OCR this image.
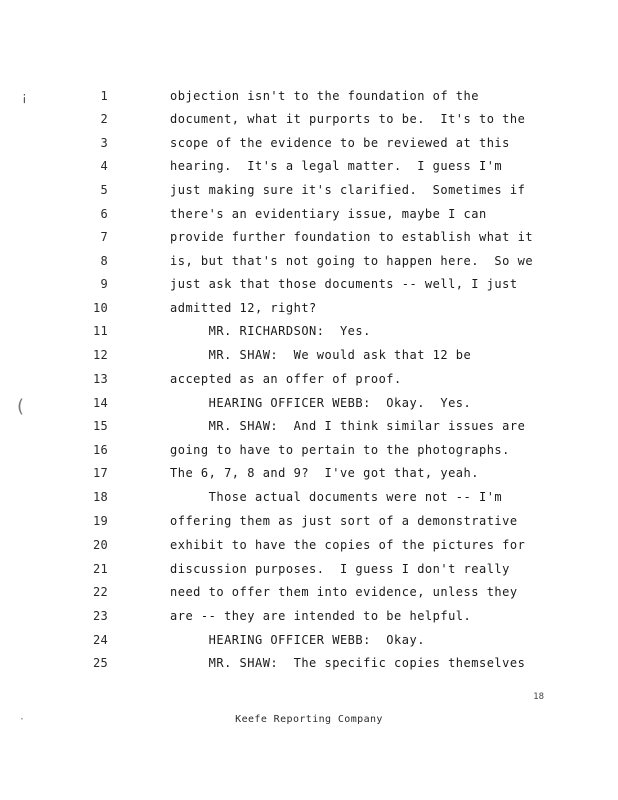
¡
(
·
1	objection isn't to the foundation of the
2	document, what it purports to be.  It's to the
3	scope of the evidence to be reviewed at this
4	hearing.  It's a legal matter.  I guess I'm
5	just making sure it's clarified.  Sometimes if
6	there's an evidentiary issue, maybe I can
7	provide further foundation to establish what it
8	is, but that's not going to happen here.  So we
9	just ask that those documents -- well, I just
10	admitted 12, right?
11	MR. RICHARDSON:  Yes.
12	MR. SHAW:  We would ask that 12 be
13	accepted as an offer of proof.
14	HEARING OFFICER WEBB:  Okay.  Yes.
15	MR. SHAW:  And I think similar issues are
16	going to have to pertain to the photographs.
17	The 6, 7, 8 and 9?  I've got that, yeah.
18	Those actual documents were not -- I'm
19	offering them as just sort of a demonstrative
20	exhibit to have the copies of the pictures for
21	discussion purposes.  I guess I don't really
22	need to offer them into evidence, unless they
23	are -- they are intended to be helpful.
24	HEARING OFFICER WEBB:  Okay.
25	MR. SHAW:  The specific copies themselves
18
Keefe Reporting Company
